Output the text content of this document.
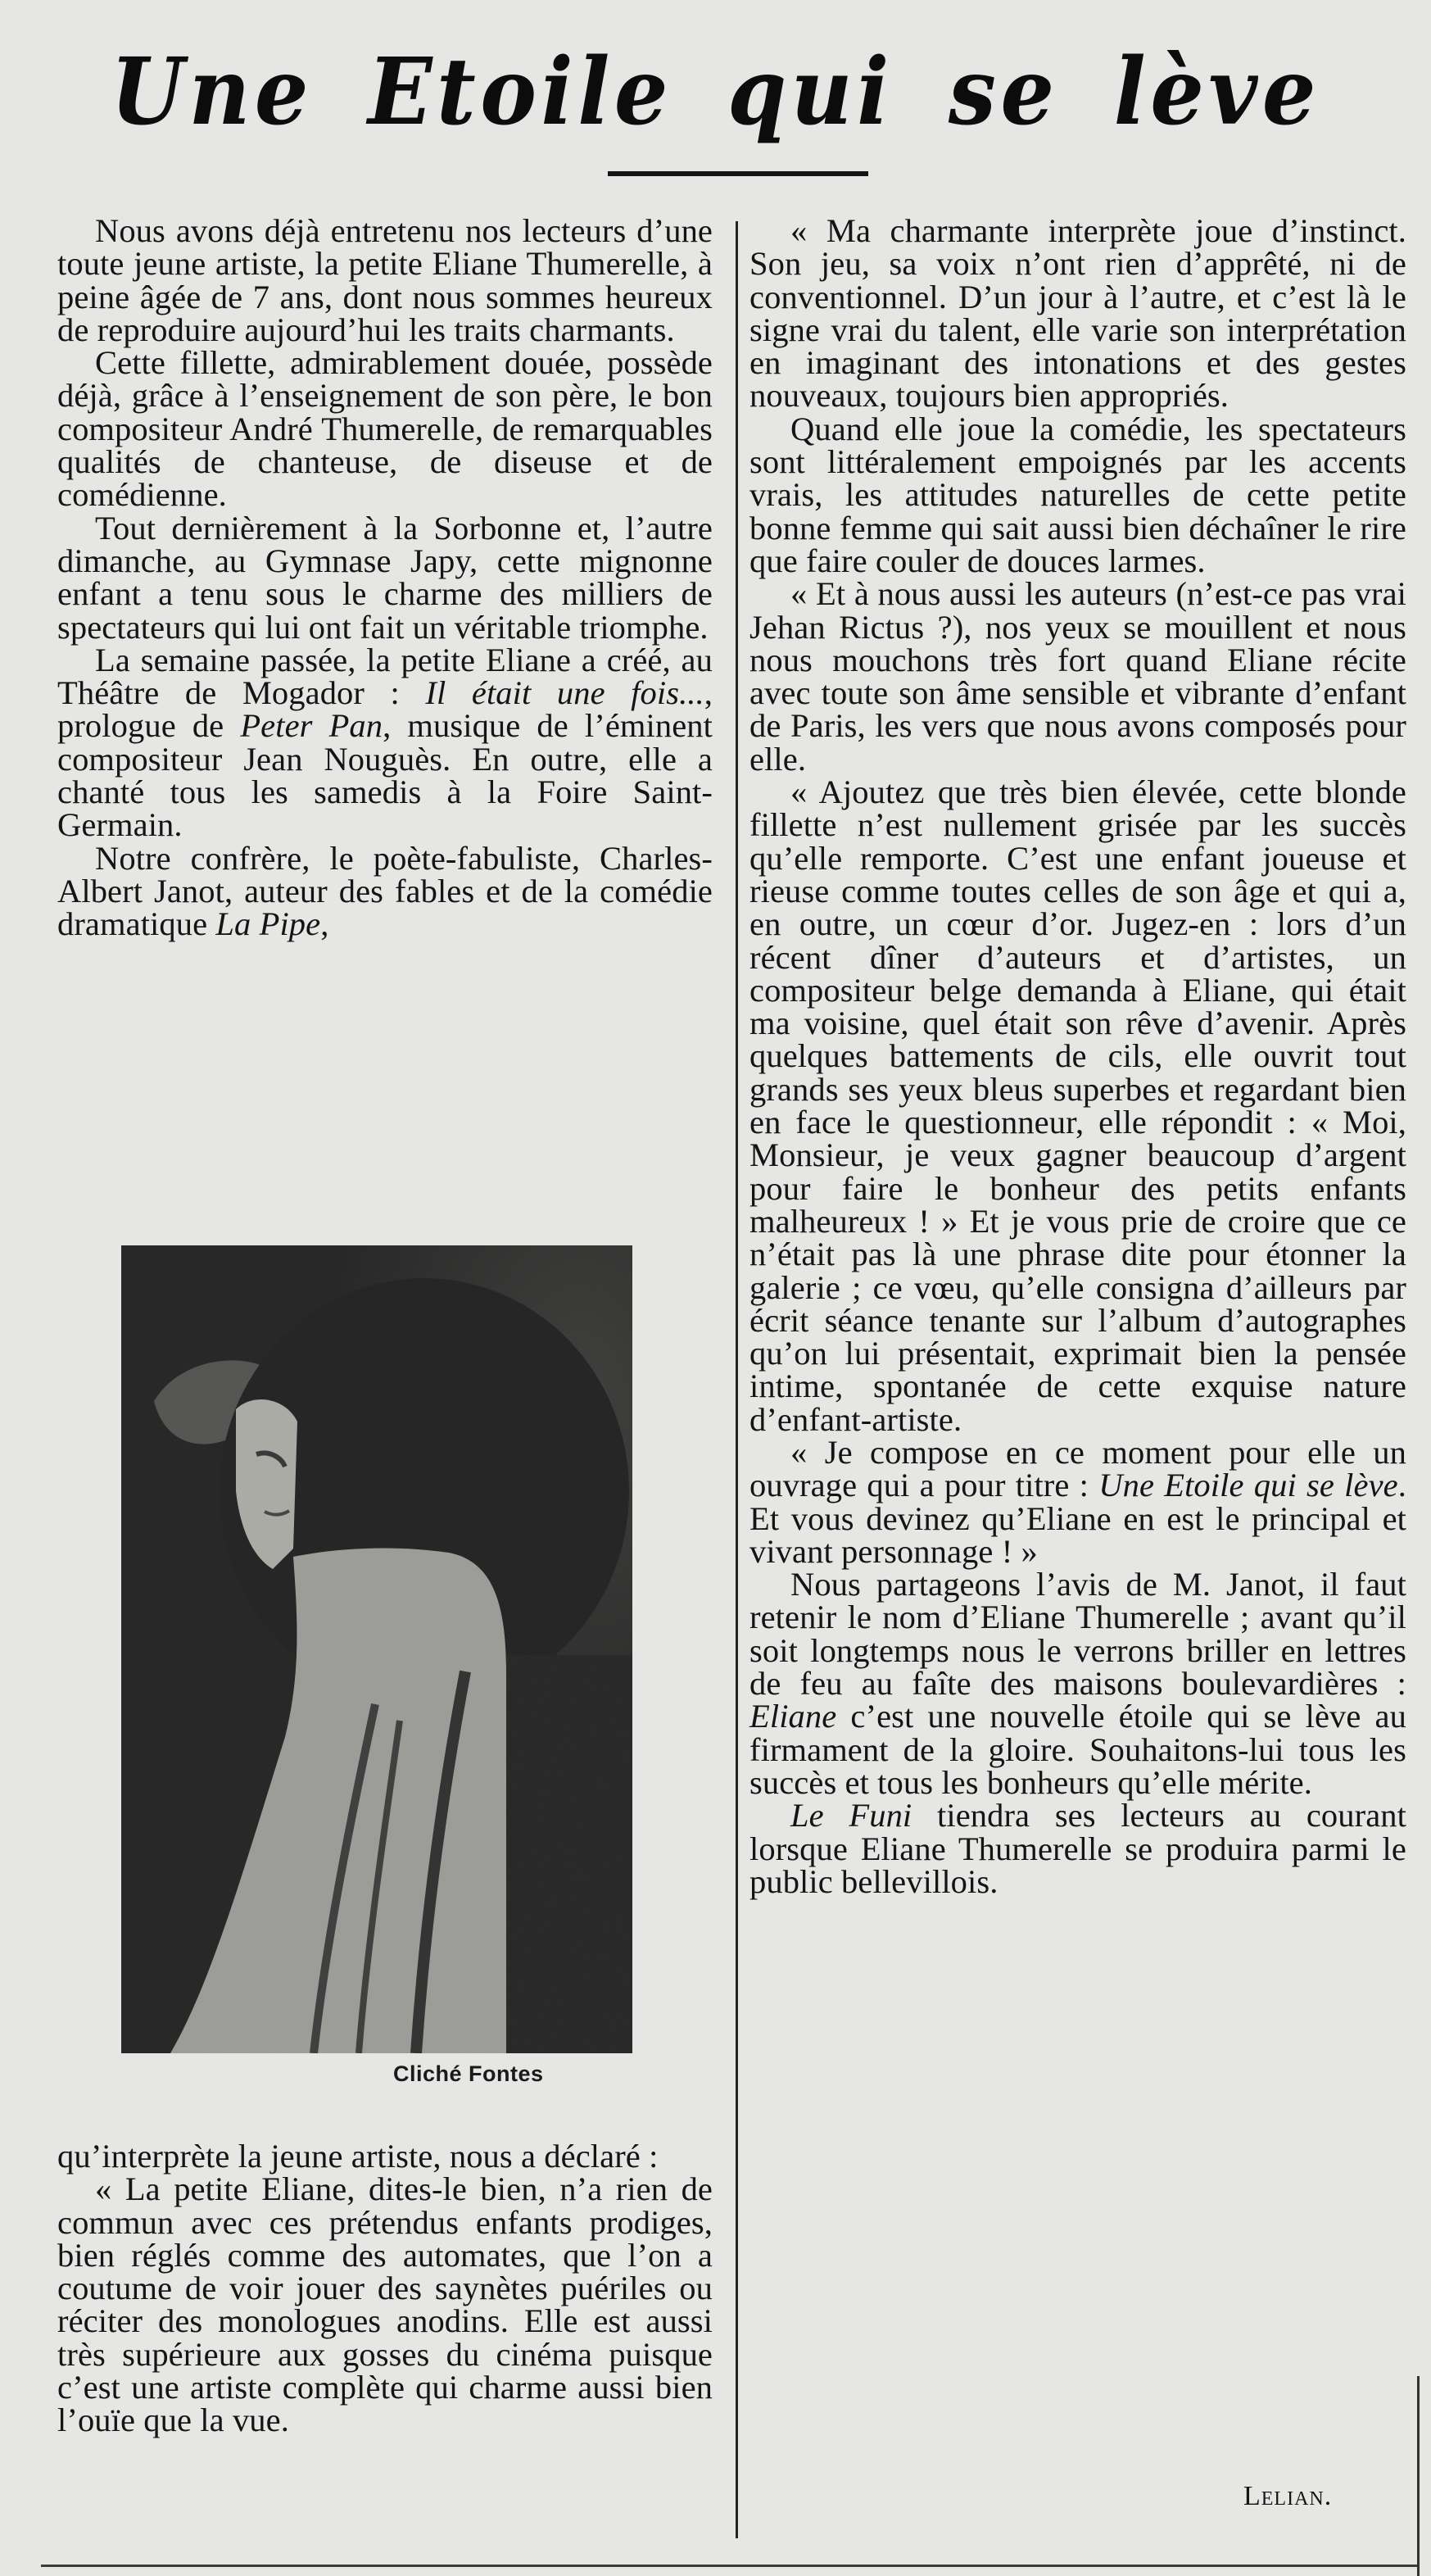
Une Etoile qui se lève

Nous avons déjà entretenu nos lecteurs d’une toute jeune artiste, la petite Eliane Thumerelle, à peine âgée de 7 ans, dont nous sommes heureux de reproduire aujourd’hui les traits charmants.

Cette fillette, admirablement douée, possède déjà, grâce à l’enseignement de son père, le bon compositeur André Thumerelle, de remarquables qualités de chanteuse, de diseuse et de comédienne.

Tout dernièrement à la Sorbonne et, l’autre dimanche, au Gymnase Japy, cette mignonne enfant a tenu sous le charme des milliers de spectateurs qui lui ont fait un véritable triomphe.

La semaine passée, la petite Eliane a créé, au Théâtre de Mogador : Il était une fois..., prologue de Peter Pan, musique de l’éminent compositeur Jean Nouguès. En outre, elle a chanté tous les samedis à la Foire Saint-Germain.

Notre confrère, le poète-fabuliste, Charles-Albert Janot, auteur des fables et de la comédie dramatique La Pipe,

Cliché Fontes

qu’interprète la jeune artiste, nous a déclaré :

« La petite Eliane, dites-le bien, n’a rien de commun avec ces prétendus enfants prodiges, bien réglés comme des automates, que l’on a coutume de voir jouer des saynètes puériles ou réciter des monologues anodins. Elle est aussi très supérieure aux gosses du cinéma puisque c’est une artiste complète qui charme aussi bien l’ouïe que la vue.

« Ma charmante interprète joue d’instinct. Son jeu, sa voix n’ont rien d’apprêté, ni de conventionnel. D’un jour à l’autre, et c’est là le signe vrai du talent, elle varie son interprétation en imaginant des intonations et des gestes nouveaux, toujours bien appropriés.

Quand elle joue la comédie, les spectateurs sont littéralement empoignés par les accents vrais, les attitudes naturelles de cette petite bonne femme qui sait aussi bien déchaîner le rire que faire couler de douces larmes.

« Et à nous aussi les auteurs (n’est-ce pas vrai Jehan Rictus ?), nos yeux se mouillent et nous nous mouchons très fort quand Eliane récite avec toute son âme sensible et vibrante d’enfant de Paris, les vers que nous avons composés pour elle.

« Ajoutez que très bien élevée, cette blonde fillette n’est nullement grisée par les succès qu’elle remporte. C’est une enfant joueuse et rieuse comme toutes celles de son âge et qui a, en outre, un cœur d’or. Jugez-en : lors d’un récent dîner d’auteurs et d’artistes, un compositeur belge demanda à Eliane, qui était ma voisine, quel était son rêve d’avenir. Après quelques battements de cils, elle ouvrit tout grands ses yeux bleus superbes et regardant bien en face le questionneur, elle répondit : « Moi, Monsieur, je veux gagner beaucoup d’argent pour faire le bonheur des petits enfants malheureux ! » Et je vous prie de croire que ce n’était pas là une phrase dite pour étonner la galerie ; ce vœu, qu’elle consigna d’ailleurs par écrit séance tenante sur l’album d’autographes qu’on lui présentait, exprimait bien la pensée intime, spontanée de cette exquise nature d’enfant-artiste.

« Je compose en ce moment pour elle un ouvrage qui a pour titre : Une Etoile qui se lève. Et vous devinez qu’Eliane en est le principal et vivant personnage ! »

Nous partageons l’avis de M. Janot, il faut retenir le nom d’Eliane Thumerelle ; avant qu’il soit longtemps nous le verrons briller en lettres de feu au faîte des maisons boulevardières : Eliane c’est une nouvelle étoile qui se lève au firmament de la gloire. Souhaitons-lui tous les succès et tous les bonheurs qu’elle mérite.

Le Funi tiendra ses lecteurs au courant lorsque Eliane Thumerelle se produira parmi le public bellevillois.

Lelian.
